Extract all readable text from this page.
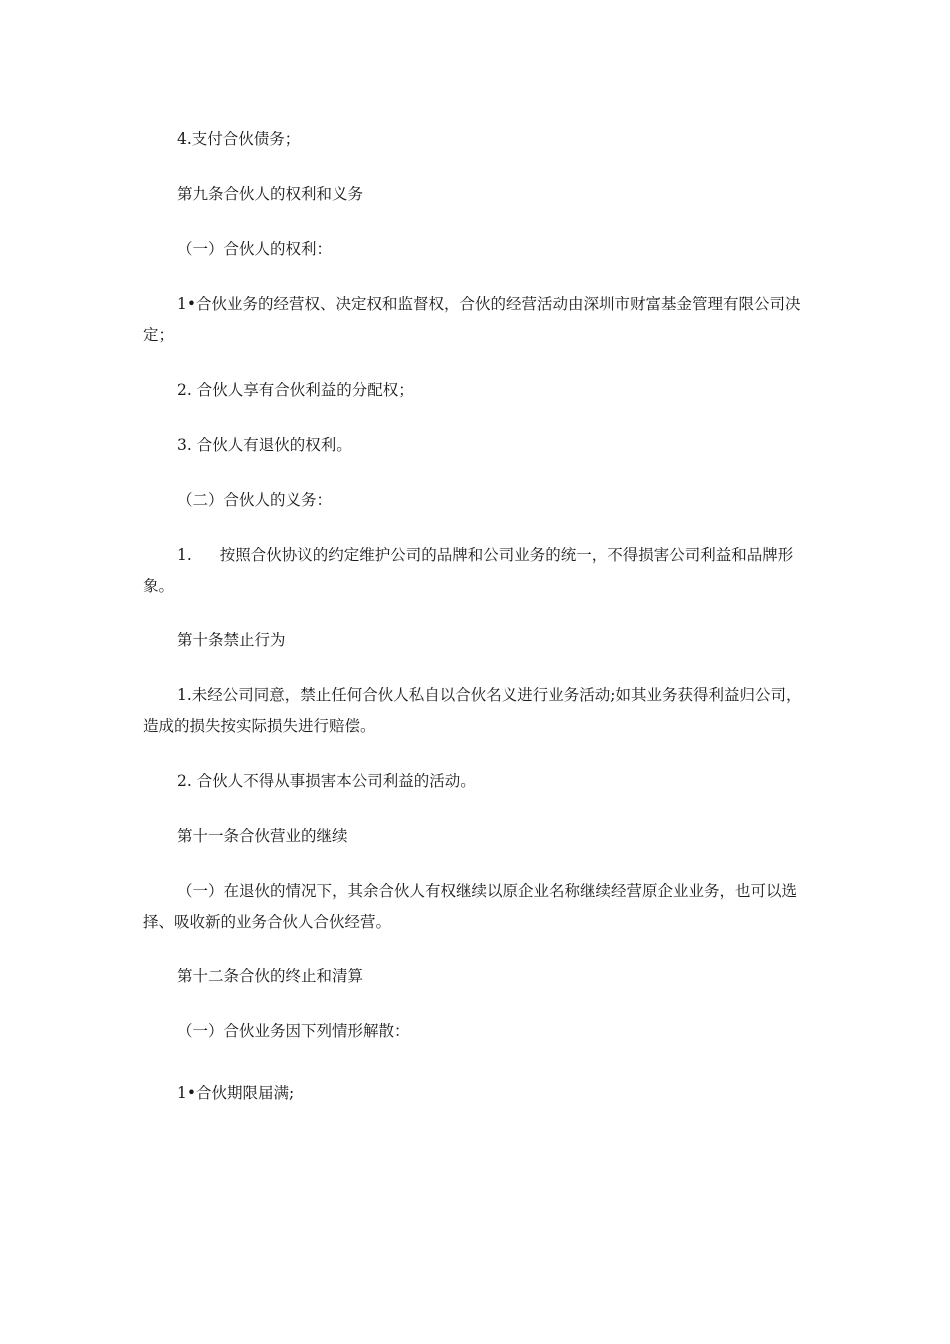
4.支付合伙债务；

第九条合伙人的权利和义务

（一）合伙人的权利：

1•合伙业务的经营权、决定权和监督权，合伙的经营活动由深圳市财富基金管理有限公司决定；

2. 合伙人享有合伙利益的分配权；

3. 合伙人有退伙的权利。

（二）合伙人的义务：

1. 按照合伙协议的约定维护公司的品牌和公司业务的统一，不得损害公司利益和品牌形象。

第十条禁止行为

1.未经公司同意，禁止任何合伙人私自以合伙名义进行业务活动;如其业务获得利益归公司，造成的损失按实际损失进行赔偿。

2. 合伙人不得从事损害本公司利益的活动。

第十一条合伙营业的继续

（一）在退伙的情况下，其余合伙人有权继续以原企业名称继续经营原企业业务，也可以选择、吸收新的业务合伙人合伙经营。

第十二条合伙的终止和清算

（一）合伙业务因下列情形解散：

1•合伙期限届满;
